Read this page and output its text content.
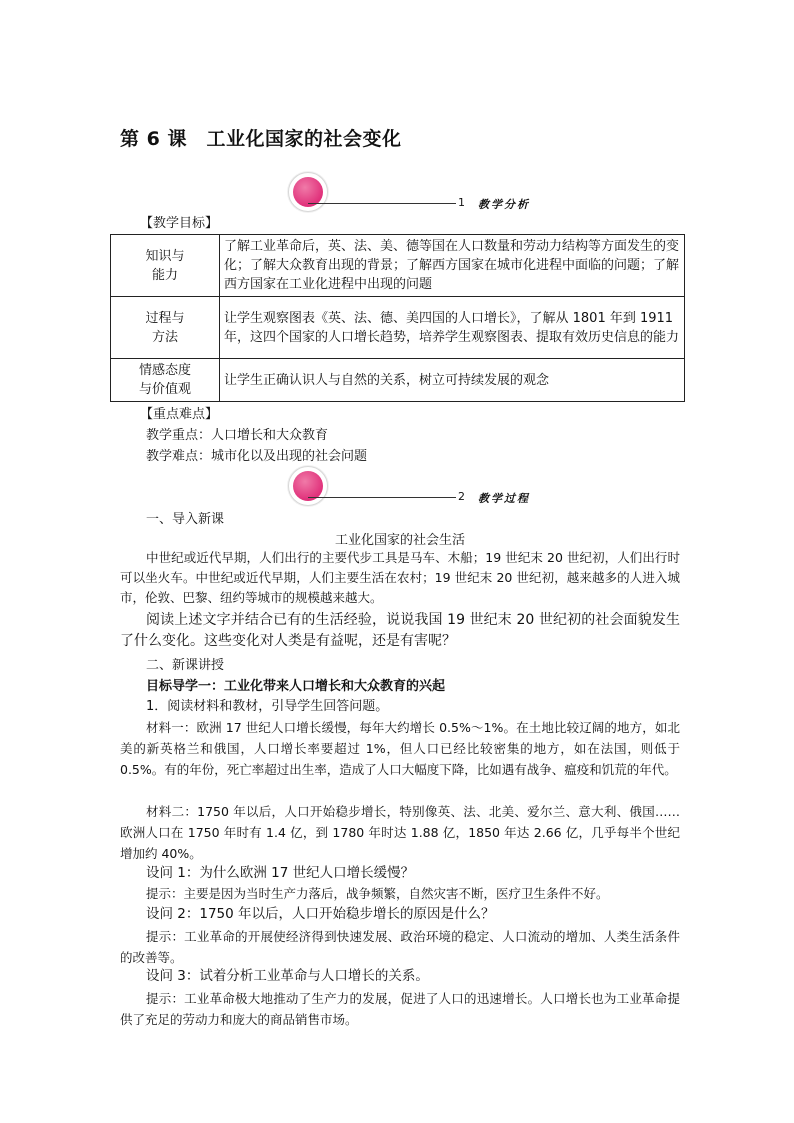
第 6 课　工业化国家的社会变化
1 教学分析
【教学目标】
知识与
能力	了解工业革命后，英、法、美、德等国在人口数量和劳动力结构等方面发生的变化；了解大众教育出现的背景；了解西方国家在城市化进程中面临的问题；了解西方国家在工业化进程中出现的问题

过程与
方法	让学生观察图表《英、法、德、美四国的人口增长》，了解从 1801 年到 1911 年，这四个国家的人口增长趋势，培养学生观察图表、提取有效历史信息的能力

情感态度
与价值观	让学生正确认识人与自然的关系，树立可持续发展的观念
【重点难点】
教学重点：人口增长和大众教育
教学难点：城市化以及出现的社会问题
2 教学过程
一、导入新课
工业化国家的社会生活
中世纪或近代早期，人们出行的主要代步工具是马车、木船；19 世纪末 20 世纪初，人们出行时可以坐火车。中世纪或近代早期，人们主要生活在农村；19 世纪末 20 世纪初，越来越多的人进入城市，伦敦、巴黎、纽约等城市的规模越来越大。
阅读上述文字并结合已有的生活经验，说说我国 19 世纪末 20 世纪初的社会面貌发生了什么变化。这些变化对人类是有益呢，还是有害呢？
二、新课讲授
目标导学一：工业化带来人口增长和大众教育的兴起
1．阅读材料和教材，引导学生回答问题。
材料一：欧洲 17 世纪人口增长缓慢，每年大约增长 0.5%～1%。在土地比较辽阔的地方，如北美的新英格兰和俄国，人口增长率要超过 1%，但人口已经比较密集的地方，如在法国，则低于 0.5%。有的年份，死亡率超过出生率，造成了人口大幅度下降，比如遇有战争、瘟疫和饥荒的年代。
材料二：1750 年以后，人口开始稳步增长，特别像英、法、北美、爱尔兰、意大利、俄国……欧洲人口在 1750 年时有 1.4 亿，到 1780 年时达 1.88 亿，1850 年达 2.66 亿，几乎每半个世纪增加约 40%。
设问 1：为什么欧洲 17 世纪人口增长缓慢？
提示：主要是因为当时生产力落后，战争频繁，自然灾害不断，医疗卫生条件不好。
设问 2：1750 年以后，人口开始稳步增长的原因是什么？
提示：工业革命的开展使经济得到快速发展、政治环境的稳定、人口流动的增加、人类生活条件的改善等。
设问 3：试着分析工业革命与人口增长的关系。
提示：工业革命极大地推动了生产力的发展，促进了人口的迅速增长。人口增长也为工业革命提供了充足的劳动力和庞大的商品销售市场。
